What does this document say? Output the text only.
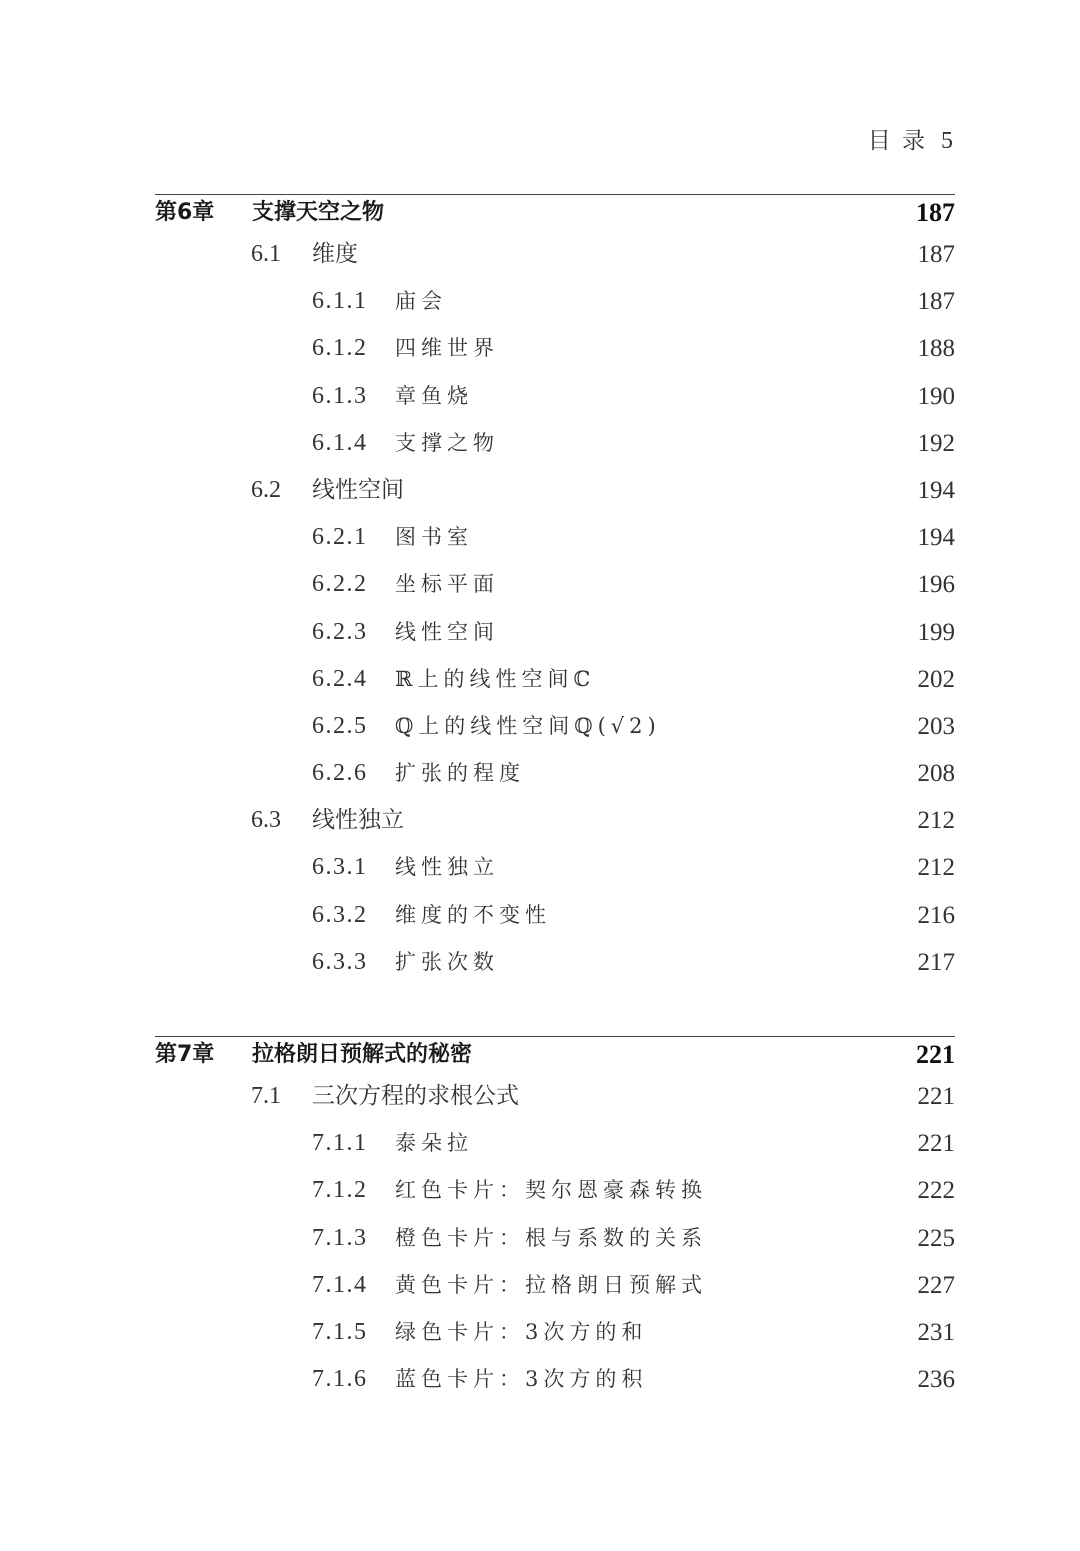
目 录 5
第6章 支撑天空之物	187
6.1 维度	187
6.1.1 庙会	187
6.1.2 四维世界	188
6.1.3 章鱼烧	190
6.1.4 支撑之物	192
6.2 线性空间	194
6.2.1 图书室	194
6.2.2 坐标平面	196
6.2.3 线性空间	199
6.2.4 ℝ上的线性空间ℂ	202
6.2.5 ℚ上的线性空间ℚ(√2)	203
6.2.6 扩张的程度	208
6.3 线性独立	212
6.3.1 线性独立	212
6.3.2 维度的不变性	216
6.3.3 扩张次数	217
第7章 拉格朗日预解式的秘密	221
7.1 三次方程的求根公式	221
7.1.1 泰朵拉	221
7.1.2 红色卡片：契尔恩豪森转换	222
7.1.3 橙色卡片：根与系数的关系	225
7.1.4 黄色卡片：拉格朗日预解式	227
7.1.5 绿色卡片：3次方的和	231
7.1.6 蓝色卡片：3次方的积	236
